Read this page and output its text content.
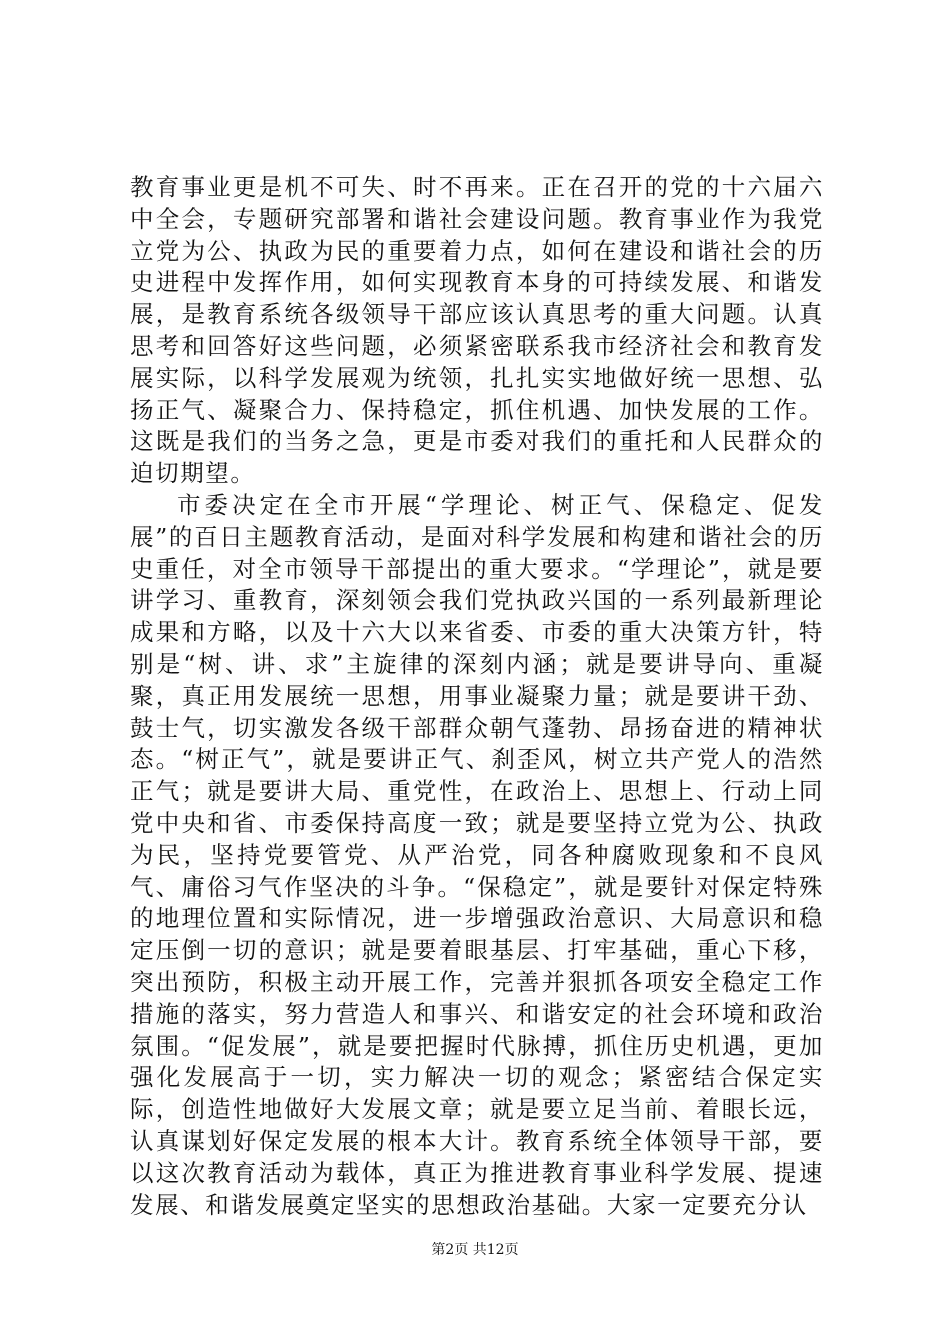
教育事业更是机不可失、时不再来。正在召开的党的十六届六中全会，专题研究部署和谐社会建设问题。教育事业作为我党立党为公、执政为民的重要着力点，如何在建设和谐社会的历史进程中发挥作用，如何实现教育本身的可持续发展、和谐发展，是教育系统各级领导干部应该认真思考的重大问题。认真思考和回答好这些问题，必须紧密联系我市经济社会和教育发展实际，以科学发展观为统领，扎扎实实地做好统一思想、弘扬正气、凝聚合力、保持稳定，抓住机遇、加快发展的工作。这既是我们的当务之急，更是市委对我们的重托和人民群众的迫切期望。

市委决定在全市开展“学理论、树正气、保稳定、促发展”的百日主题教育活动，是面对科学发展和构建和谐社会的历史重任，对全市领导干部提出的重大要求。“学理论”，就是要讲学习、重教育，深刻领会我们党执政兴国的一系列最新理论成果和方略，以及十六大以来省委、市委的重大决策方针，特别是“树、讲、求”主旋律的深刻内涵；就是要讲导向、重凝聚，真正用发展统一思想，用事业凝聚力量；就是要讲干劲、鼓士气，切实激发各级干部群众朝气蓬勃、昂扬奋进的精神状态。“树正气”，就是要讲正气、刹歪风，树立共产党人的浩然正气；就是要讲大局、重党性，在政治上、思想上、行动上同党中央和省、市委保持高度一致；就是要坚持立党为公、执政为民，坚持党要管党、从严治党，同各种腐败现象和不良风气、庸俗习气作坚决的斗争。“保稳定”，就是要针对保定特殊的地理位置和实际情况，进一步增强政治意识、大局意识和稳定压倒一切的意识；就是要着眼基层、打牢基础，重心下移，突出预防，积极主动开展工作，完善并狠抓各项安全稳定工作措施的落实，努力营造人和事兴、和谐安定的社会环境和政治氛围。“促发展”，就是要把握时代脉搏，抓住历史机遇，更加强化发展高于一切，实力解决一切的观念；紧密结合保定实际，创造性地做好大发展文章；就是要立足当前、着眼长远，认真谋划好保定发展的根本大计。教育系统全体领导干部，要以这次教育活动为载体，真正为推进教育事业科学发展、提速发展、和谐发展奠定坚实的思想政治基础。大家一定要充分认

第2页 共12页
